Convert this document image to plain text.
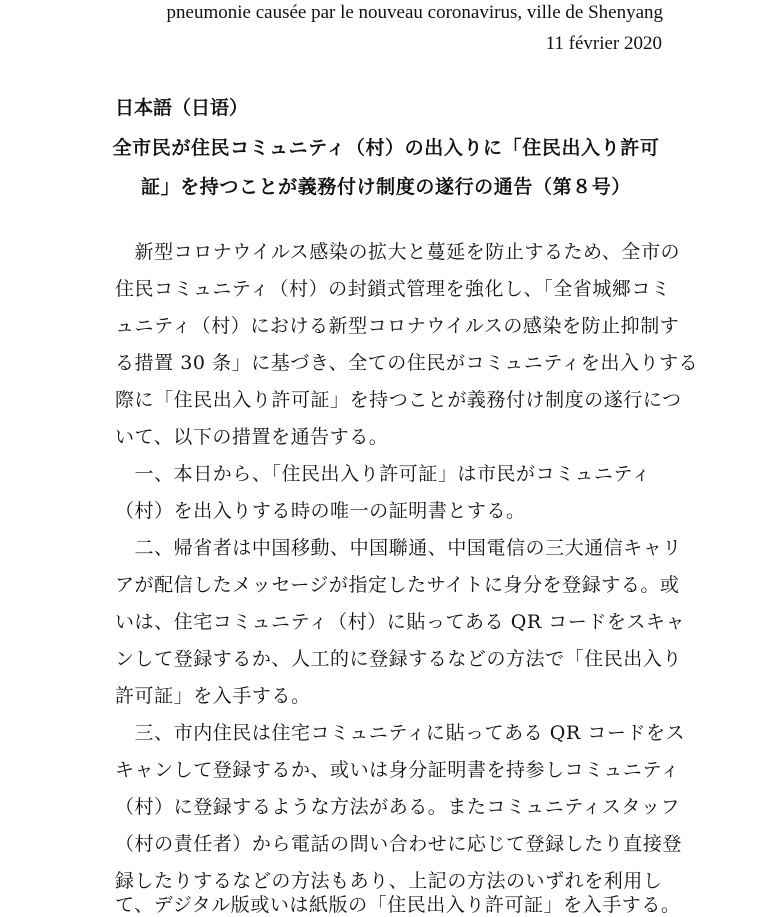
pneumonie causée par le nouveau coronavirus, ville de Shenyang
11 février 2020
日本語（日语）
全市民が住民コミュニティ（村）の出入りに「住民出入り許可
証」を持つことが義務付け制度の遂行の通告（第８号）
　新型コロナウイルス感染の拡大と蔓延を防止するため、全市の
住民コミュニティ（村）の封鎖式管理を強化し、「全省城郷コミ
ュニティ（村）における新型コロナウイルスの感染を防止抑制す
る措置 30 条」に基づき、全ての住民がコミュニティを出入りする
際に「住民出入り許可証」を持つことが義務付け制度の遂行につ
いて、以下の措置を通告する。
　一、本日から、「住民出入り許可証」は市民がコミュニティ
（村）を出入りする時の唯一の証明書とする。
　二、帰省者は中国移動、中国聯通、中国電信の三大通信キャリ
アが配信したメッセージが指定したサイトに身分を登録する。或
いは、住宅コミュニティ（村）に貼ってある QR コードをスキャ
ンして登録するか、人工的に登録するなどの方法で「住民出入り
許可証」を入手する。
　三、市内住民は住宅コミュニティに貼ってある QR コードをス
キャンして登録するか、或いは身分証明書を持参しコミュニティ
（村）に登録するような方法がある。またコミュニティスタッフ
（村の責任者）から電話の問い合わせに応じて登録したり直接登
録したりするなどの方法もあり、上記の方法のいずれを利用し
て、デジタル版或いは紙版の「住民出入り許可証」を入手する。
